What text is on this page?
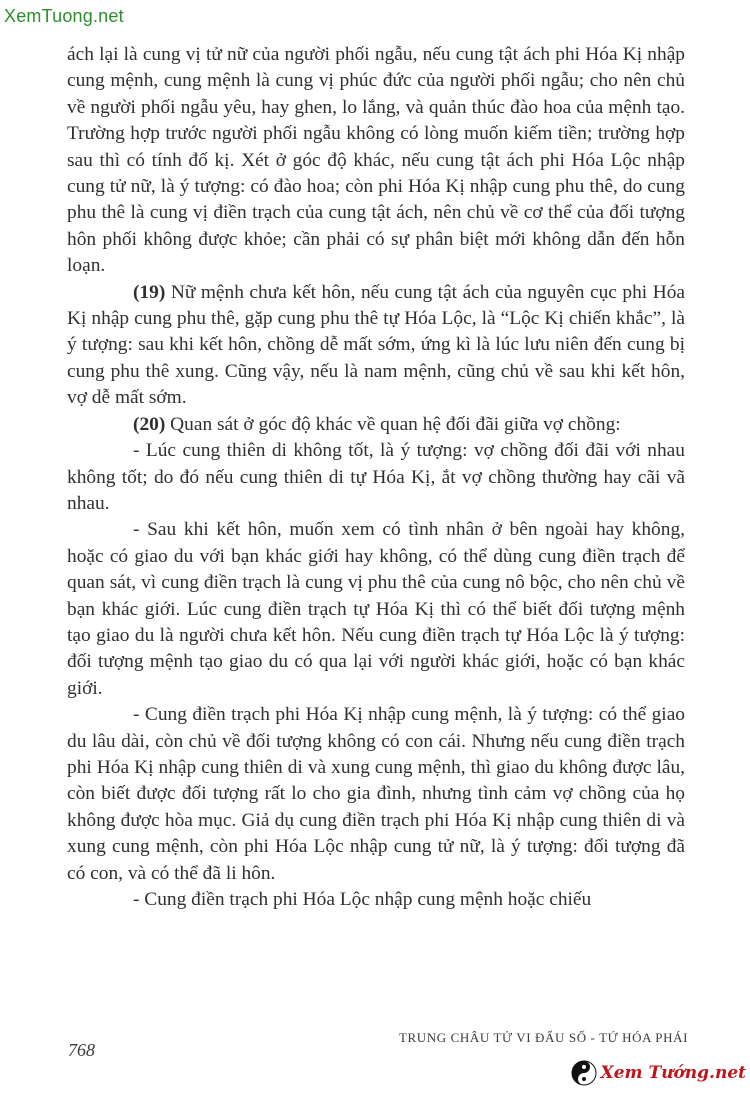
XemTuong.net

ách lại là cung vị tử nữ của người phối ngẫu, nếu cung tật ách phi Hóa Kị nhập cung mệnh, cung mệnh là cung vị phúc đức của người phối ngẫu; cho nên chủ về người phối ngẫu yêu, hay ghen, lo lắng, và quản thúc đào hoa của mệnh tạo. Trường hợp trước người phối ngẫu không có lòng muốn kiếm tiền; trường hợp sau thì có tính đố kị. Xét ở góc độ khác, nếu cung tật ách phi Hóa Lộc nhập cung tử nữ, là ý tượng: có đào hoa; còn phi Hóa Kị nhập cung phu thê, do cung phu thê là cung vị điền trạch của cung tật ách, nên chủ về cơ thể của đối tượng hôn phối không được khỏe; cần phải có sự phân biệt mới không dẫn đến hỗn loạn.

(19) Nữ mệnh chưa kết hôn, nếu cung tật ách của nguyên cục phi Hóa Kị nhập cung phu thê, gặp cung phu thê tự Hóa Lộc, là “Lộc Kị chiến khắc”, là ý tượng: sau khi kết hôn, chồng dễ mất sớm, ứng kì là lúc lưu niên đến cung bị cung phu thê xung. Cũng vậy, nếu là nam mệnh, cũng chủ về sau khi kết hôn, vợ dễ mất sớm.

(20) Quan sát ở góc độ khác về quan hệ đối đãi giữa vợ chồng:

- Lúc cung thiên di không tốt, là ý tượng: vợ chồng đối đãi với nhau không tốt; do đó nếu cung thiên di tự Hóa Kị, ắt vợ chồng thường hay cãi vã nhau.

- Sau khi kết hôn, muốn xem có tình nhân ở bên ngoài hay không, hoặc có giao du với bạn khác giới hay không, có thể dùng cung điền trạch để quan sát, vì cung điền trạch là cung vị phu thê của cung nô bộc, cho nên chủ về bạn khác giới. Lúc cung điền trạch tự Hóa Kị thì có thể biết đối tượng mệnh tạo giao du là người chưa kết hôn. Nếu cung điền trạch tự Hóa Lộc là ý tượng: đối tượng mệnh tạo giao du có qua lại với người khác giới, hoặc có bạn khác giới.

- Cung điền trạch phi Hóa Kị nhập cung mệnh, là ý tượng: có thể giao du lâu dài, còn chủ về đối tượng không có con cái. Nhưng nếu cung điền trạch phi Hóa Kị nhập cung thiên di và xung cung mệnh, thì giao du không được lâu, còn biết được đối tượng rất lo cho gia đình, nhưng tình cảm vợ chồng của họ không được hòa mục. Giả dụ cung điền trạch phi Hóa Kị nhập cung thiên di và xung cung mệnh, còn phi Hóa Lộc nhập cung tử nữ, là ý tượng: đối tượng đã có con, và có thể đã li hôn.

- Cung điền trạch phi Hóa Lộc nhập cung mệnh hoặc chiếu

768
TRUNG CHÂU TỬ VI ĐẨU SỐ - TỨ HÓA PHÁI
Xem Tướng.net
